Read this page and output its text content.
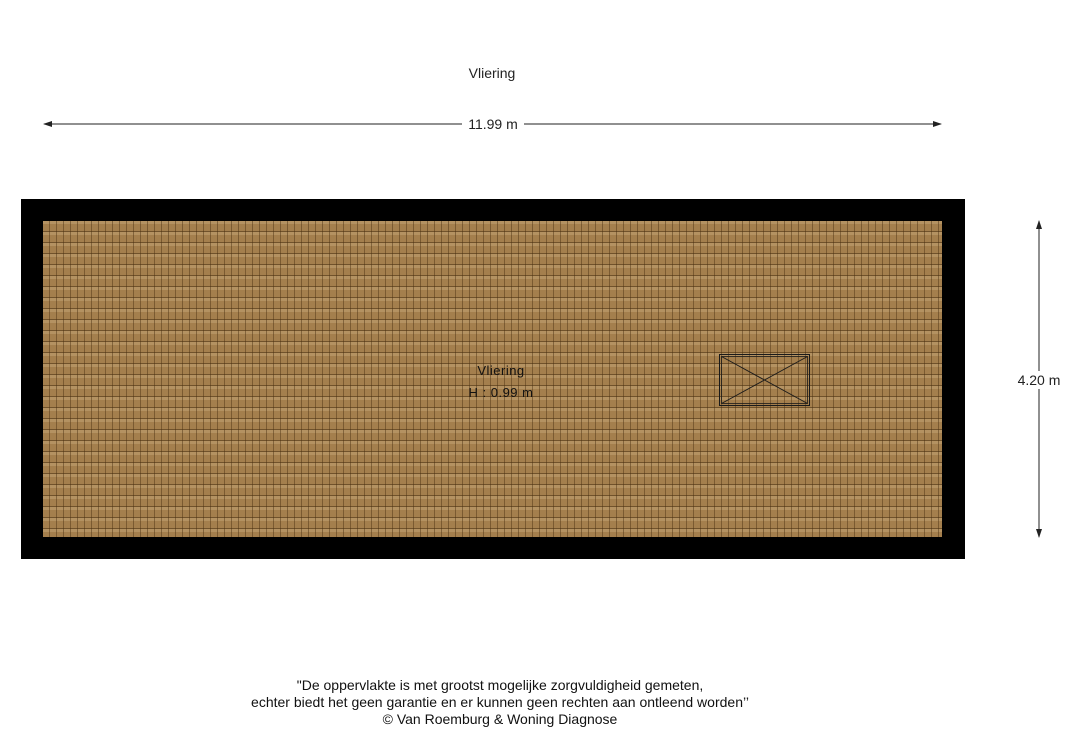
Vliering
11.99 m
4.20 m
Vliering
H : 0.99 m
"De oppervlakte is met grootst mogelijke zorgvuldigheid gemeten,
echter biedt het geen garantie en er kunnen geen rechten aan ontleend worden’’
© Van Roemburg & Woning Diagnose
